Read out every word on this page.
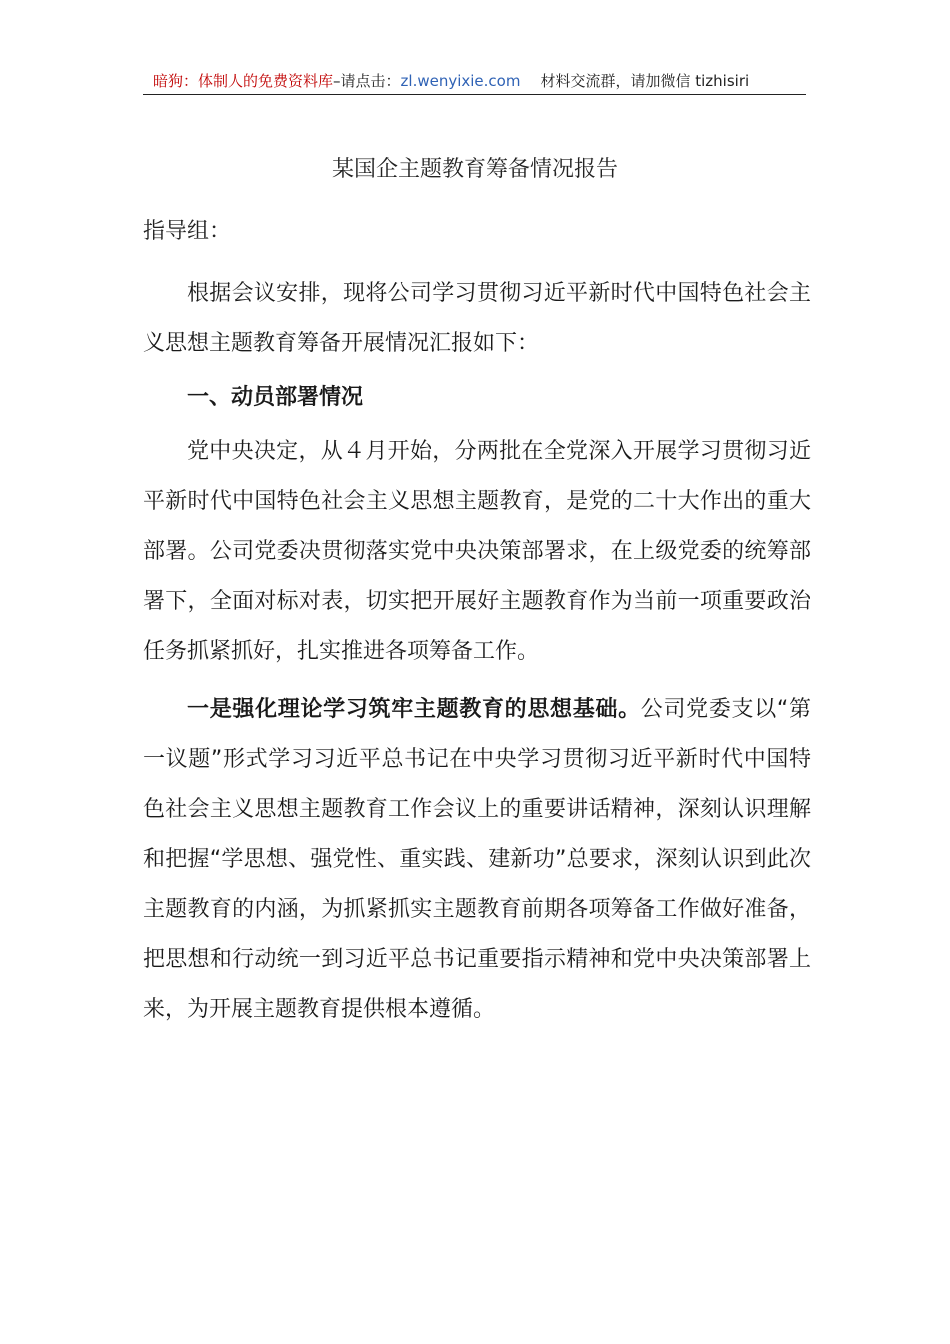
暗狗：体制人的免费资料库–请点击：zl.wenyixie.com 材料交流群，请加微信 tizhisiri
某国企主题教育筹备情况报告
指导组：

根据会议安排，现将公司学习贯彻习近平新时代中国特色社会主义思想主题教育筹备开展情况汇报如下：

一、动员部署情况

党中央决定，从４月开始，分两批在全党深入开展学习贯彻习近平新时代中国特色社会主义思想主题教育，是党的二十大作出的重大部署。公司党委决贯彻落实党中央决策部署求，在上级党委的统筹部署下，全面对标对表，切实把开展好主题教育作为当前一项重要政治任务抓紧抓好，扎实推进各项筹备工作。

一是强化理论学习筑牢主题教育的思想基础。公司党委支以“第一议题”形式学习习近平总书记在中央学习贯彻习近平新时代中国特色社会主义思想主题教育工作会议上的重要讲话精神，深刻认识理解和把握“学思想、强党性、重实践、建新功”总要求，深刻认识到此次主题教育的内涵，为抓紧抓实主题教育前期各项筹备工作做好准备，把思想和行动统一到习近平总书记重要指示精神和党中央决策部署上来，为开展主题教育提供根本遵循。
